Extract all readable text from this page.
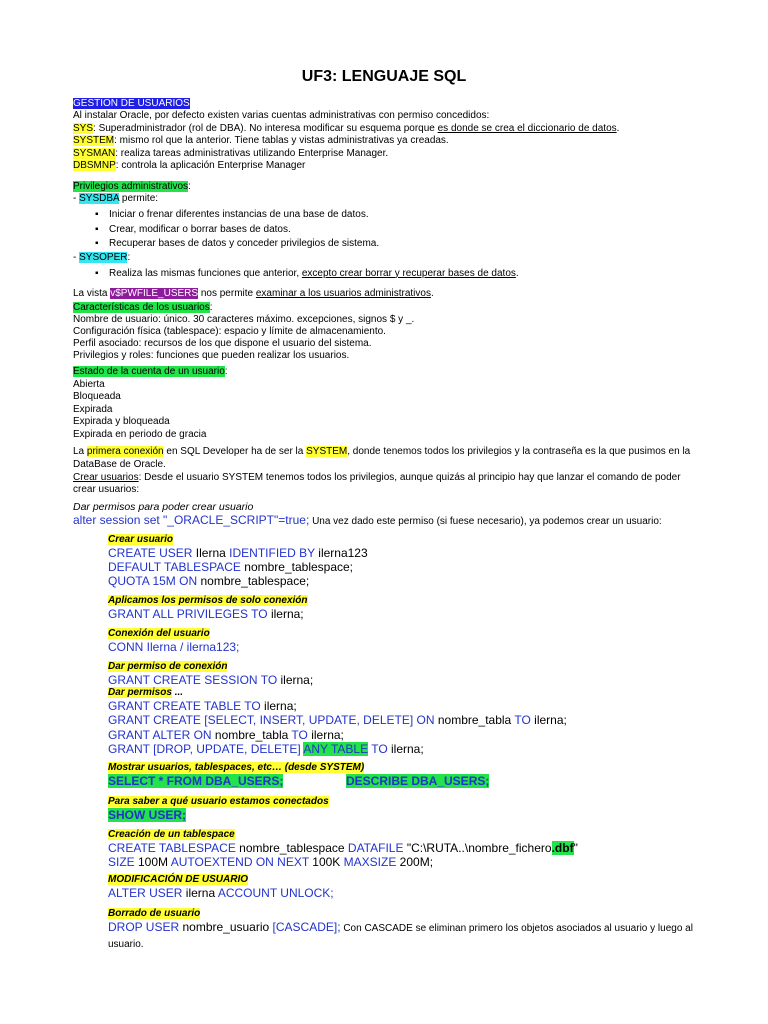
UF3: LENGUAJE SQL
GESTION DE USUARIOS
Al instalar Oracle, por defecto existen varias cuentas administrativas con permiso concedidos:
SYS: Superadministrador (rol de DBA). No interesa modificar su esquema porque es donde se crea el diccionario de datos.
SYSTEM: mismo rol que la anterior. Tiene tablas y vistas administrativas ya creadas.
SYSMAN: realiza tareas administrativas utilizando Enterprise Manager.
DBSMNP: controla la aplicación Enterprise Manager
Privilegios administrativos:
- SYSDBA permite:
▪ Iniciar o frenar diferentes instancias de una base de datos.
▪ Crear, modificar o borrar bases de datos.
▪ Recuperar bases de datos y conceder privilegios de sistema.
- SYSOPER:
▪ Realiza las mismas funciones que anterior, excepto crear borrar y recuperar bases de datos.
La vista v$PWFILE_USERS nos permite examinar a los usuarios administrativos.
Características de los usuarios:
Nombre de usuario: único. 30 caracteres máximo. excepciones, signos $ y _.
Configuración física (tablespace): espacio y límite de almacenamiento.
Perfil asociado: recursos de los que dispone el usuario del sistema.
Privilegios y roles: funciones que pueden realizar los usuarios.
Estado de la cuenta de un usuario:
Abierta
Bloqueada
Expirada
Expirada y bloqueada
Expirada en periodo de gracia
La primera conexión en SQL Developer ha de ser la SYSTEM, donde tenemos todos los privilegios y la contraseña es la que pusimos en la DataBase de Oracle.
Crear usuarios: Desde el usuario SYSTEM tenemos todos los privilegios, aunque quizás al principio hay que lanzar el comando de poder crear usuarios:
Dar permisos para poder crear usuario
alter session set "_ORACLE_SCRIPT"=true; Una vez dado este permiso (si fuese necesario), ya podemos crear un usuario:
Crear usuario
CREATE USER Ilerna IDENTIFIED BY ilerna123
DEFAULT TABLESPACE nombre_tablespace;
QUOTA 15M ON nombre_tablespace;
Aplicamos los permisos de solo conexión
GRANT ALL PRIVILEGES TO ilerna;
Conexión del usuario
CONN Ilerna / ilerna123;
Dar permiso de conexión
GRANT CREATE SESSION TO ilerna;
Dar permisos ...
GRANT CREATE TABLE TO ilerna;
GRANT CREATE [SELECT, INSERT, UPDATE, DELETE] ON nombre_tabla TO ilerna;
GRANT ALTER ON nombre_tabla TO ilerna;
GRANT [DROP, UPDATE, DELETE] ANY TABLE TO ilerna;
Mostrar usuarios, tablespaces, etc… (desde SYSTEM)
SELECT * FROM DBA_USERS;	DESCRIBE DBA_USERS;
Para saber a qué usuario estamos conectados
SHOW USER;
Creación de un tablespace
CREATE TABLESPACE nombre_tablespace DATAFILE "C:\RUTA..\nombre_fichero.dbf"
SIZE 100M AUTOEXTEND ON NEXT 100K MAXSIZE 200M;
MODIFICACIÓN DE USUARIO
ALTER USER ilerna ACCOUNT UNLOCK;
Borrado de usuario
DROP USER nombre_usuario [CASCADE]; Con CASCADE se eliminan primero los objetos asociados al usuario y luego al usuario.
